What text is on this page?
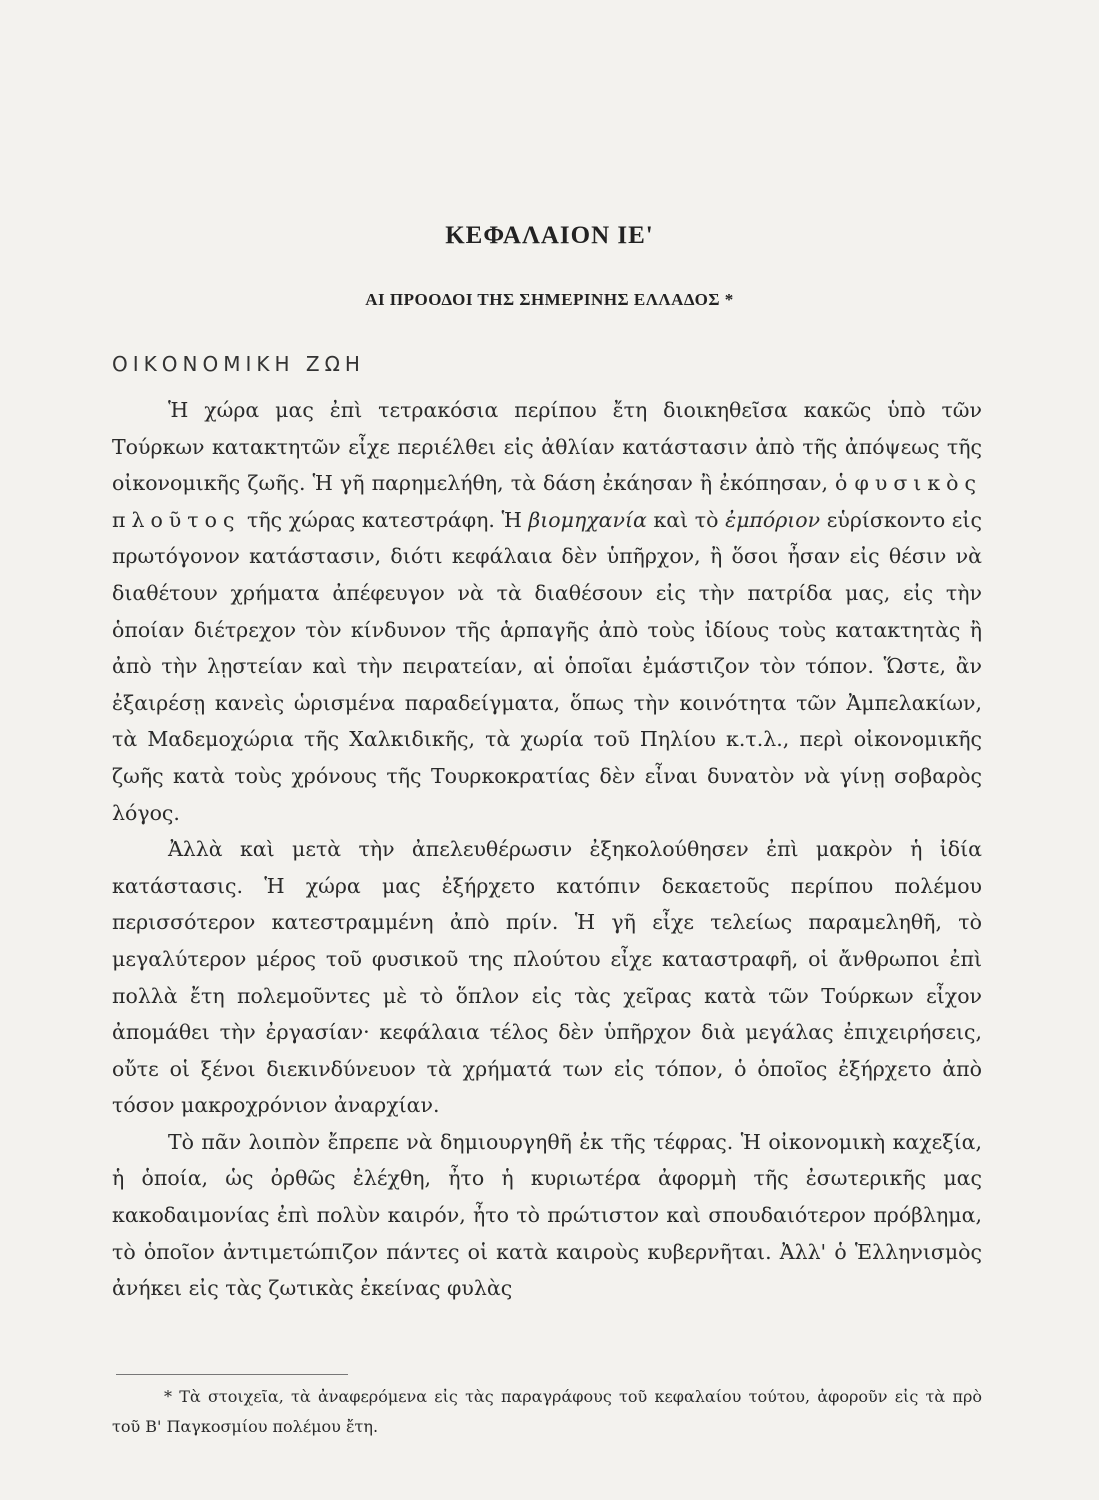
ΚΕΦΑΛΑΙΟΝ ΙΕ'
ΑΙ ΠΡΟΟΔΟΙ ΤΗΣ ΣΗΜΕΡΙΝΗΣ ΕΛΛΑΔΟΣ *
ΟΙΚΟΝΟΜΙΚΗ ΖΩΗ

Ἡ χώρα μας ἐπὶ τετρακόσια περίπου ἔτη διοικηθεῖσα κακῶς ὑπὸ τῶν Τούρκων κατακτητῶν εἶχε περιέλθει εἰς ἀθλίαν κατάστασιν ἀπὸ τῆς ἀπόψεως τῆς οἰκονομικῆς ζωῆς. Ἡ γῆ παρημελήθη, τὰ δάση ἐκάησαν ἢ ἐκόπησαν, ὁ φυσικὸς πλοῦτος τῆς χώρας κατεστράφη. Ἡ βιομηχανία καὶ τὸ ἐμπόριον εὑρίσκοντο εἰς πρωτόγονον κατάστασιν, διότι κεφάλαια δὲν ὑπῆρχον, ἢ ὅσοι ἦσαν εἰς θέσιν νὰ διαθέτουν χρήματα ἀπέφευγον νὰ τὰ διαθέσουν εἰς τὴν πατρίδα μας, εἰς τὴν ὁποίαν διέτρεχον τὸν κίνδυνον τῆς ἁρπαγῆς ἀπὸ τοὺς ἰδίους τοὺς κατακτητὰς ἢ ἀπὸ τὴν λῃστείαν καὶ τὴν πειρατείαν, αἱ ὁποῖαι ἐμάστιζον τὸν τόπον. Ὥστε, ἂν ἐξαιρέσῃ κανεὶς ὡρισμένα παραδείγματα, ὅπως τὴν κοινότητα τῶν Ἀμπελακίων, τὰ Μαδεμοχώρια τῆς Χαλκιδικῆς, τὰ χωρία τοῦ Πηλίου κ.τ.λ., περὶ οἰκονομικῆς ζωῆς κατὰ τοὺς χρόνους τῆς Τουρκοκρατίας δὲν εἶναι δυνατὸν νὰ γίνῃ σοβαρὸς λόγος.

Ἀλλὰ καὶ μετὰ τὴν ἀπελευθέρωσιν ἐξηκολούθησεν ἐπὶ μακρὸν ἡ ἰδία κατάστασις. Ἡ χώρα μας ἐξήρχετο κατόπιν δεκαετοῦς περίπου πολέμου περισσότερον κατεστραμμένη ἀπὸ πρίν. Ἡ γῆ εἶχε τελείως παραμεληθῆ, τὸ μεγαλύτερον μέρος τοῦ φυσικοῦ της πλούτου εἶχε καταστραφῆ, οἱ ἄνθρωποι ἐπὶ πολλὰ ἔτη πολεμοῦντες μὲ τὸ ὅπλον εἰς τὰς χεῖρας κατὰ τῶν Τούρκων εἶχον ἀπομάθει τὴν ἐργασίαν· κεφάλαια τέλος δὲν ὑπῆρχον διὰ μεγάλας ἐπιχειρήσεις, οὔτε οἱ ξένοι διεκινδύνευον τὰ χρήματά των εἰς τόπον, ὁ ὁποῖος ἐξήρχετο ἀπὸ τόσον μακροχρόνιον ἀναρχίαν.

Τὸ πᾶν λοιπὸν ἔπρεπε νὰ δημιουργηθῆ ἐκ τῆς τέφρας. Ἡ οἰκονομικὴ καχεξία, ἡ ὁποία, ὡς ὀρθῶς ἐλέχθη, ἦτο ἡ κυριωτέρα ἀφορμὴ τῆς ἐσωτερικῆς μας κακοδαιμονίας ἐπὶ πολὺν καιρόν, ἦτο τὸ πρώτιστον καὶ σπουδαιότερον πρόβλημα, τὸ ὁποῖον ἀντιμετώπιζον πάντες οἱ κατὰ καιροὺς κυβερνῆται. Ἀλλ' ὁ Ἑλληνισμὸς ἀνήκει εἰς τὰς ζωτικὰς ἐκείνας φυλὰς

* Τὰ στοιχεῖα, τὰ ἀναφερόμενα εἰς τὰς παραγράφους τοῦ κεφαλαίου τούτου, ἀφοροῦν εἰς τὰ πρὸ τοῦ Β' Παγκοσμίου πολέμου ἔτη.
